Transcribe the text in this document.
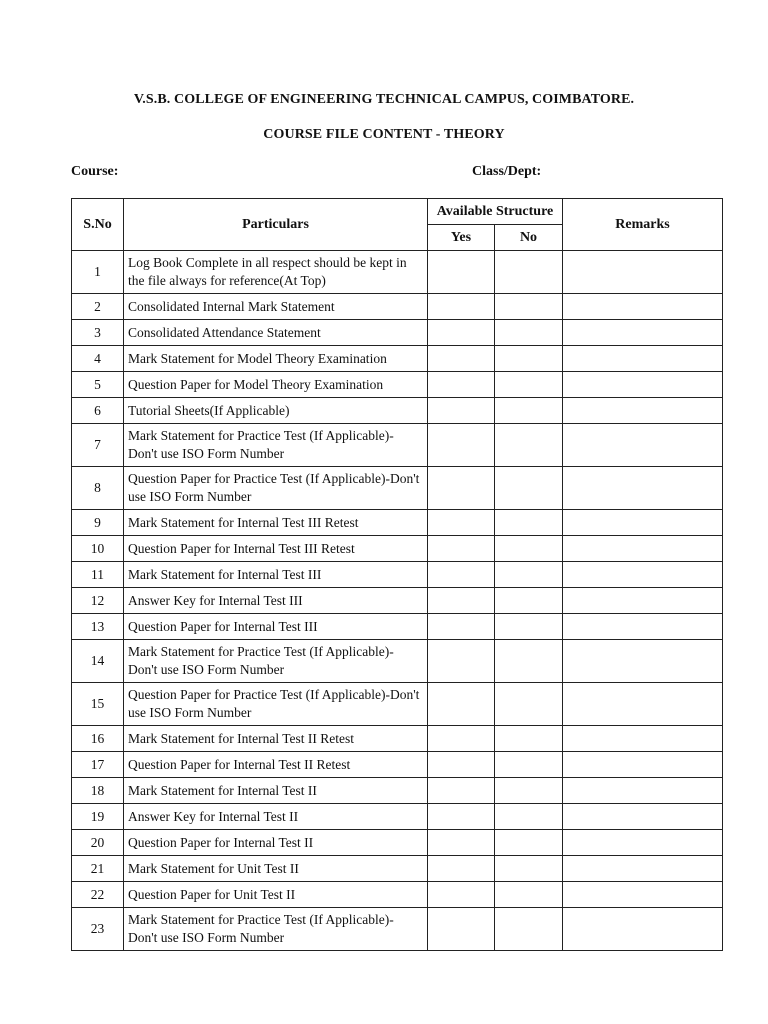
V.S.B. COLLEGE OF ENGINEERING TECHNICAL CAMPUS, COIMBATORE.
COURSE FILE CONTENT - THEORY
Course:	Class/Dept:
S.No	Particulars	Available Structure		Remarks
		Yes	No	
1	Log Book Complete in all respect should be kept in the file always for reference(At Top)			
2	Consolidated Internal Mark Statement			
3	Consolidated Attendance Statement			
4	Mark Statement for Model Theory Examination			
5	Question Paper for Model Theory Examination			
6	Tutorial Sheets(If Applicable)			
7	Mark Statement for Practice Test (If Applicable)-Don't use ISO Form Number			
8	Question Paper for Practice Test (If Applicable)-Don't use ISO Form Number			
9	Mark Statement for Internal Test III Retest			
10	Question Paper for Internal Test III Retest			
11	Mark Statement for Internal Test III			
12	Answer Key for Internal Test III			
13	Question Paper for Internal Test III			
14	Mark Statement for Practice Test (If Applicable)-Don't use ISO Form Number			
15	Question Paper for Practice Test (If Applicable)-Don't use ISO Form Number			
16	Mark Statement for Internal Test II Retest			
17	Question Paper for Internal Test II Retest			
18	Mark Statement for Internal Test II			
19	Answer Key for Internal Test II			
20	Question Paper for Internal Test II			
21	Mark Statement for Unit Test II			
22	Question Paper for Unit Test II			
23	Mark Statement for Practice Test (If Applicable)-Don't use ISO Form Number			
